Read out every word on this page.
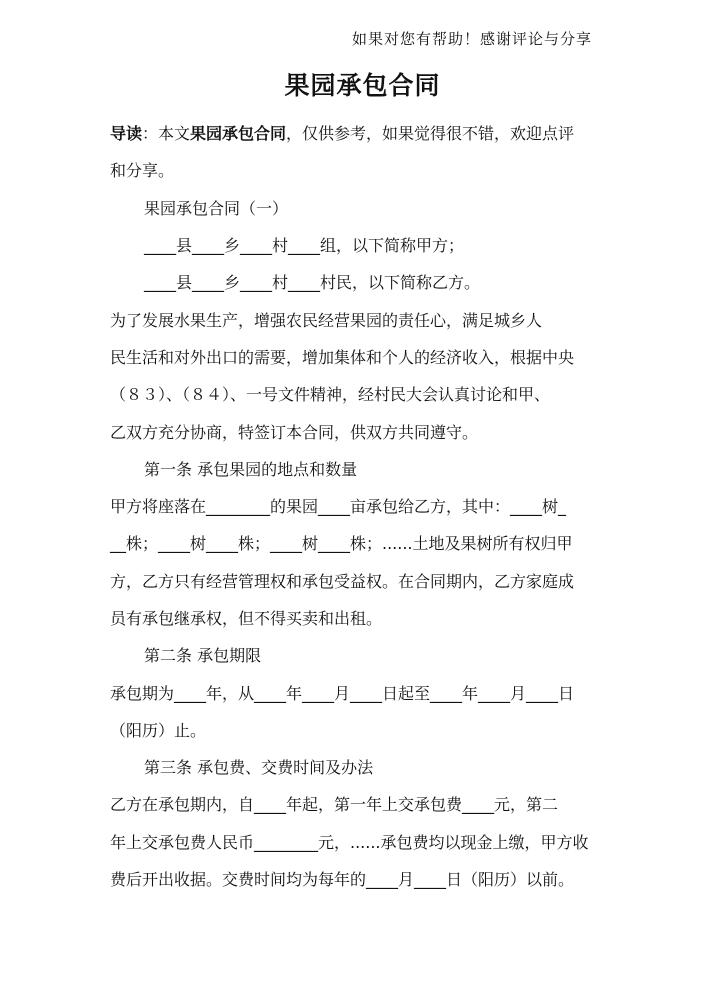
如果对您有帮助！感谢评论与分享
果园承包合同
导读：本文果园承包合同，仅供参考，如果觉得很不错，欢迎点评
和分享。
果园承包合同（一）
____县____乡____村____组，以下简称甲方；
____县____乡____村____村民，以下简称乙方。
为了发展水果生产，增强农民经营果园的责任心，满足城乡人
民生活和对外出口的需要，增加集体和个人的经济收入，根据中央
（８３）、（８４）、一号文件精神，经村民大会认真讨论和甲、
乙双方充分协商，特签订本合同，供双方共同遵守。
第一条 承包果园的地点和数量
甲方将座落在________的果园____亩承包给乙方，其中：____树_
__株；____树____株；____树____株；......土地及果树所有权归甲
方，乙方只有经营管理权和承包受益权。在合同期内，乙方家庭成
员有承包继承权，但不得买卖和出租。
第二条 承包期限
承包期为____年，从____年____月____日起至____年____月____日
（阳历）止。
第三条 承包费、交费时间及办法
乙方在承包期内，自____年起，第一年上交承包费____元，第二
年上交承包费人民币________元，......承包费均以现金上缴，甲方收
费后开出收据。交费时间均为每年的____月____日（阳历）以前。
